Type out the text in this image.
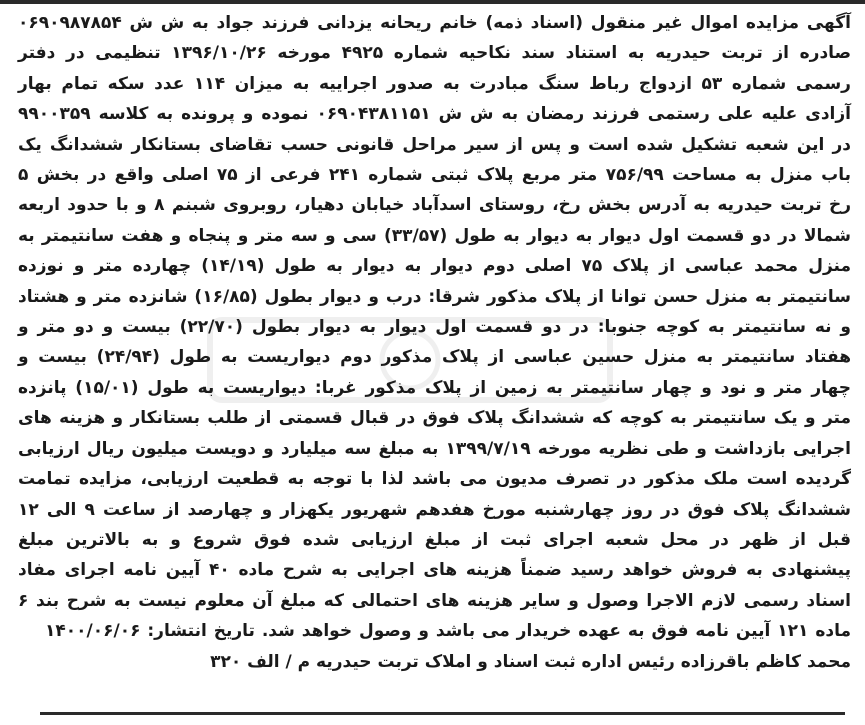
آگهی مزایده اموال غیر منقول (اسناد ذمه) خانم ریحانه یزدانی فرزند جواد به ش ش ۰۶۹۰۹۸۷۸۵۴ صادره از تربت حیدریه به استناد سند نکاحیه شماره ۴۹۲۵ مورخه ۱۳۹۶/۱۰/۲۶ تنظیمی در دفتر رسمی شماره ۵۳ ازدواج رباط سنگ مبادرت به صدور اجراییه به میزان ۱۱۴ عدد سکه تمام بهار آزادی علیه علی رستمی فرزند رمضان به ش ش ۰۶۹۰۴۳۸۱۱۵۱ نموده و پرونده به کلاسه ۹۹۰۰۳۵۹ در این شعبه تشکیل شده است و پس از سیر مراحل قانونی حسب تقاضای بستانکار ششدانگ یک باب منزل به مساحت ۷۵۶/۹۹ متر مربع پلاک ثبتی شماره ۲۴۱ فرعی از ۷۵ اصلی واقع در بخش ۵ رخ تربت حیدریه به آدرس بخش رخ، روستای اسدآباد خیابان دهیار، روبروی شبنم ۸ و با حدود اربعه شمالا در دو قسمت اول دیوار به دیوار به طول (۳۳/۵۷) سی و سه متر و پنجاه و هفت سانتیمتر به منزل محمد عباسی از پلاک ۷۵ اصلی دوم دیوار به دیوار به طول (۱۴/۱۹) چهارده متر و نوزده سانتیمتر به منزل حسن توانا از پلاک مذکور شرقا: درب و دیوار بطول (۱۶/۸۵) شانزده متر و هشتاد و نه سانتیمتر به کوچه جنوبا: در دو قسمت اول دیوار به دیوار بطول (۲۲/۷۰) بیست و دو متر و هفتاد سانتیمتر به منزل حسین عباسی از پلاک مذکور دوم دیواریست به طول (۲۴/۹۴) بیست و چهار متر و نود و چهار سانتیمتر به زمین از پلاک مذکور غربا: دیواریست به طول (۱۵/۰۱) پانزده متر و یک سانتیمتر به کوچه که ششدانگ پلاک فوق در قبال قسمتی از طلب بستانکار و هزینه های اجرایی بازداشت و طی نظریه مورخه ۱۳۹۹/۷/۱۹ به مبلغ سه میلیارد و دویست میلیون ریال ارزیابی گردیده است ملک مذکور در تصرف مدیون می باشد لذا با توجه به قطعیت ارزیابی، مزایده تمامت ششدانگ پلاک فوق در روز چهارشنبه مورخ هفدهم شهریور یکهزار و چهارصد از ساعت ۹ الی ۱۲ قبل از ظهر در محل شعبه اجرای ثبت از مبلغ ارزیابی شده فوق شروع و به بالاترین مبلغ پیشنهادی به فروش خواهد رسید ضمناً هزینه های اجرایی به شرح ماده ۴۰ آیین نامه اجرای مفاد اسناد رسمی لازم الاجرا وصول و سایر هزینه های احتمالی که مبلغ آن معلوم نیست به شرح بند ۶ ماده ۱۲۱ آیین نامه فوق به عهده خریدار می باشد و وصول خواهد شد. تاریخ انتشار: ۱۴۰۰/۰۶/۰۶

محمد کاظم باقرزاده رئیس اداره ثبت اسناد و املاک تربت حیدریه م / الف ۳۲۰
